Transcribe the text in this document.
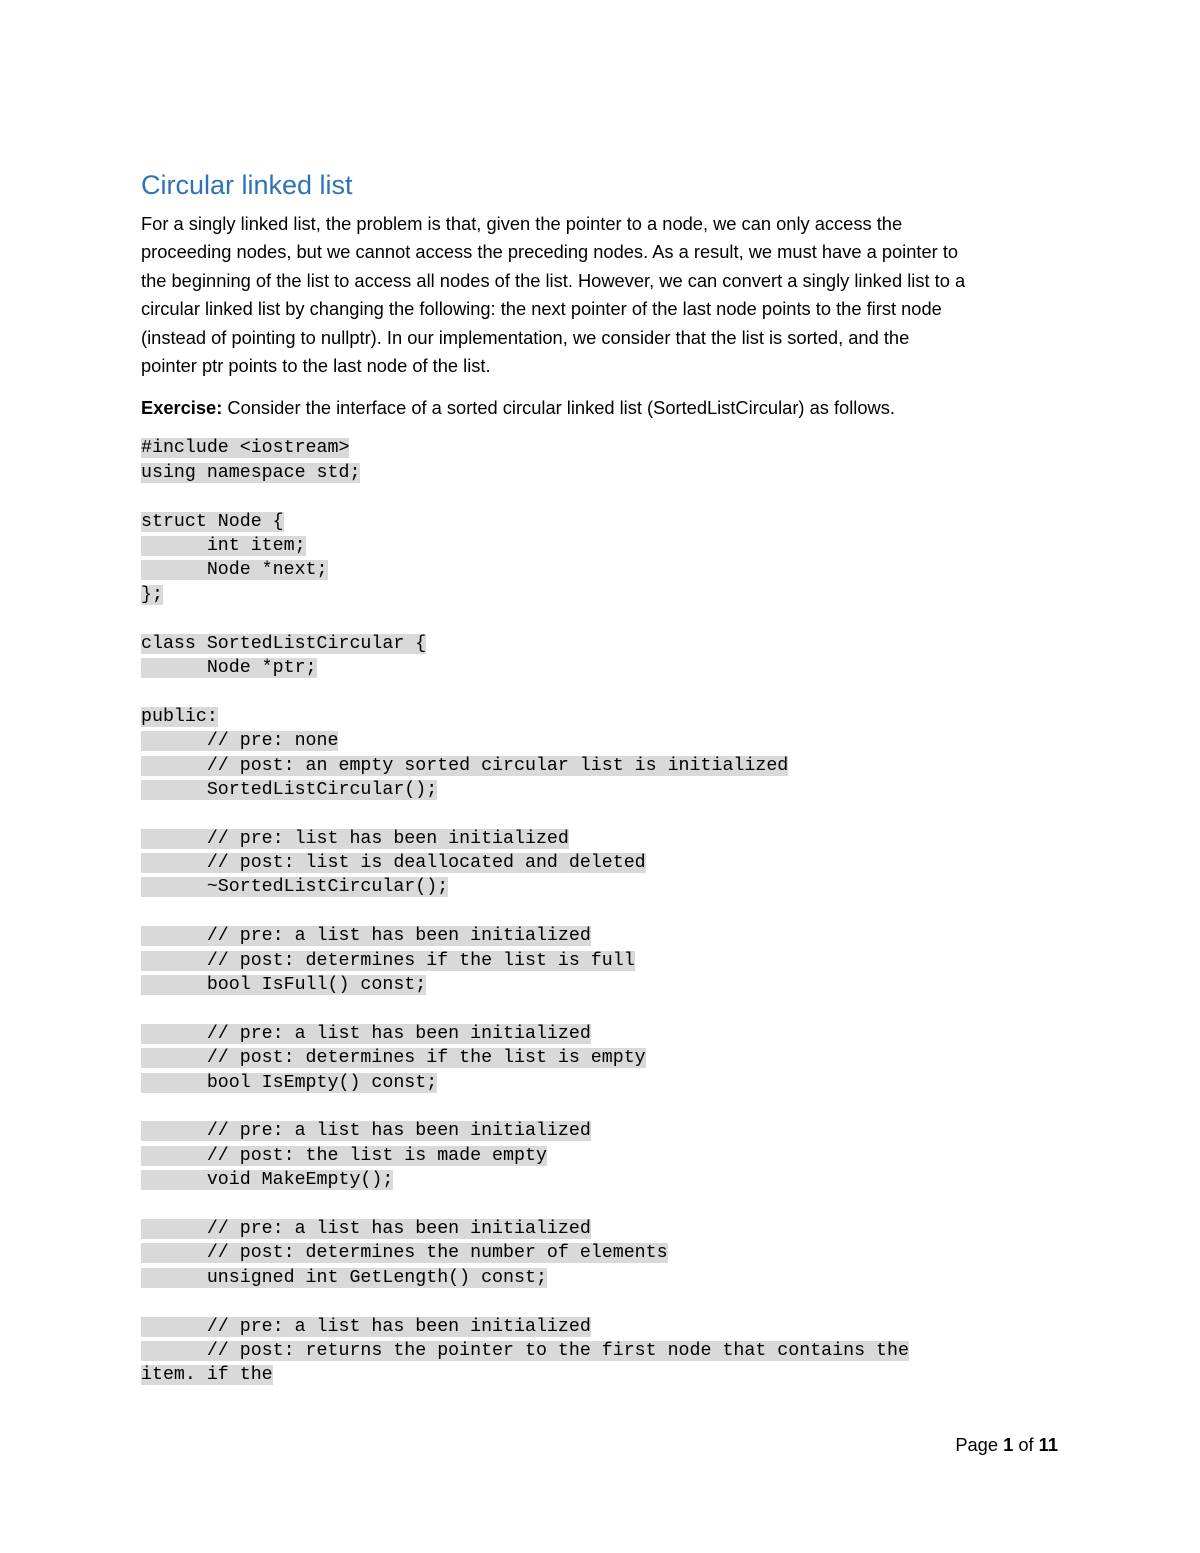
Circular linked list
For a singly linked list, the problem is that, given the pointer to a node, we can only access the
proceeding nodes, but we cannot access the preceding nodes. As a result, we must have a pointer to
the beginning of the list to access all nodes of the list. However, we can convert a singly linked list to a
circular linked list by changing the following: the next pointer of the last node points to the first node
(instead of pointing to nullptr). In our implementation, we consider that the list is sorted, and the
pointer ptr points to the last node of the list.

Exercise: Consider the interface of a sorted circular linked list (SortedListCircular) as follows.

#include <iostream>
using namespace std;
struct Node {
int item;
Node *next;
};
class SortedListCircular {
Node *ptr;
public:
// pre: none
// post: an empty sorted circular list is initialized
SortedListCircular();
// pre: list has been initialized
// post: list is deallocated and deleted
~SortedListCircular();
// pre: a list has been initialized
// post: determines if the list is full
bool IsFull() const;
// pre: a list has been initialized
// post: determines if the list is empty
bool IsEmpty() const;
// pre: a list has been initialized
// post: the list is made empty
void MakeEmpty();
// pre: a list has been initialized
// post: determines the number of elements
unsigned int GetLength() const;
// pre: a list has been initialized
// post: returns the pointer to the first node that contains the
item. if the
Page 1 of 11
